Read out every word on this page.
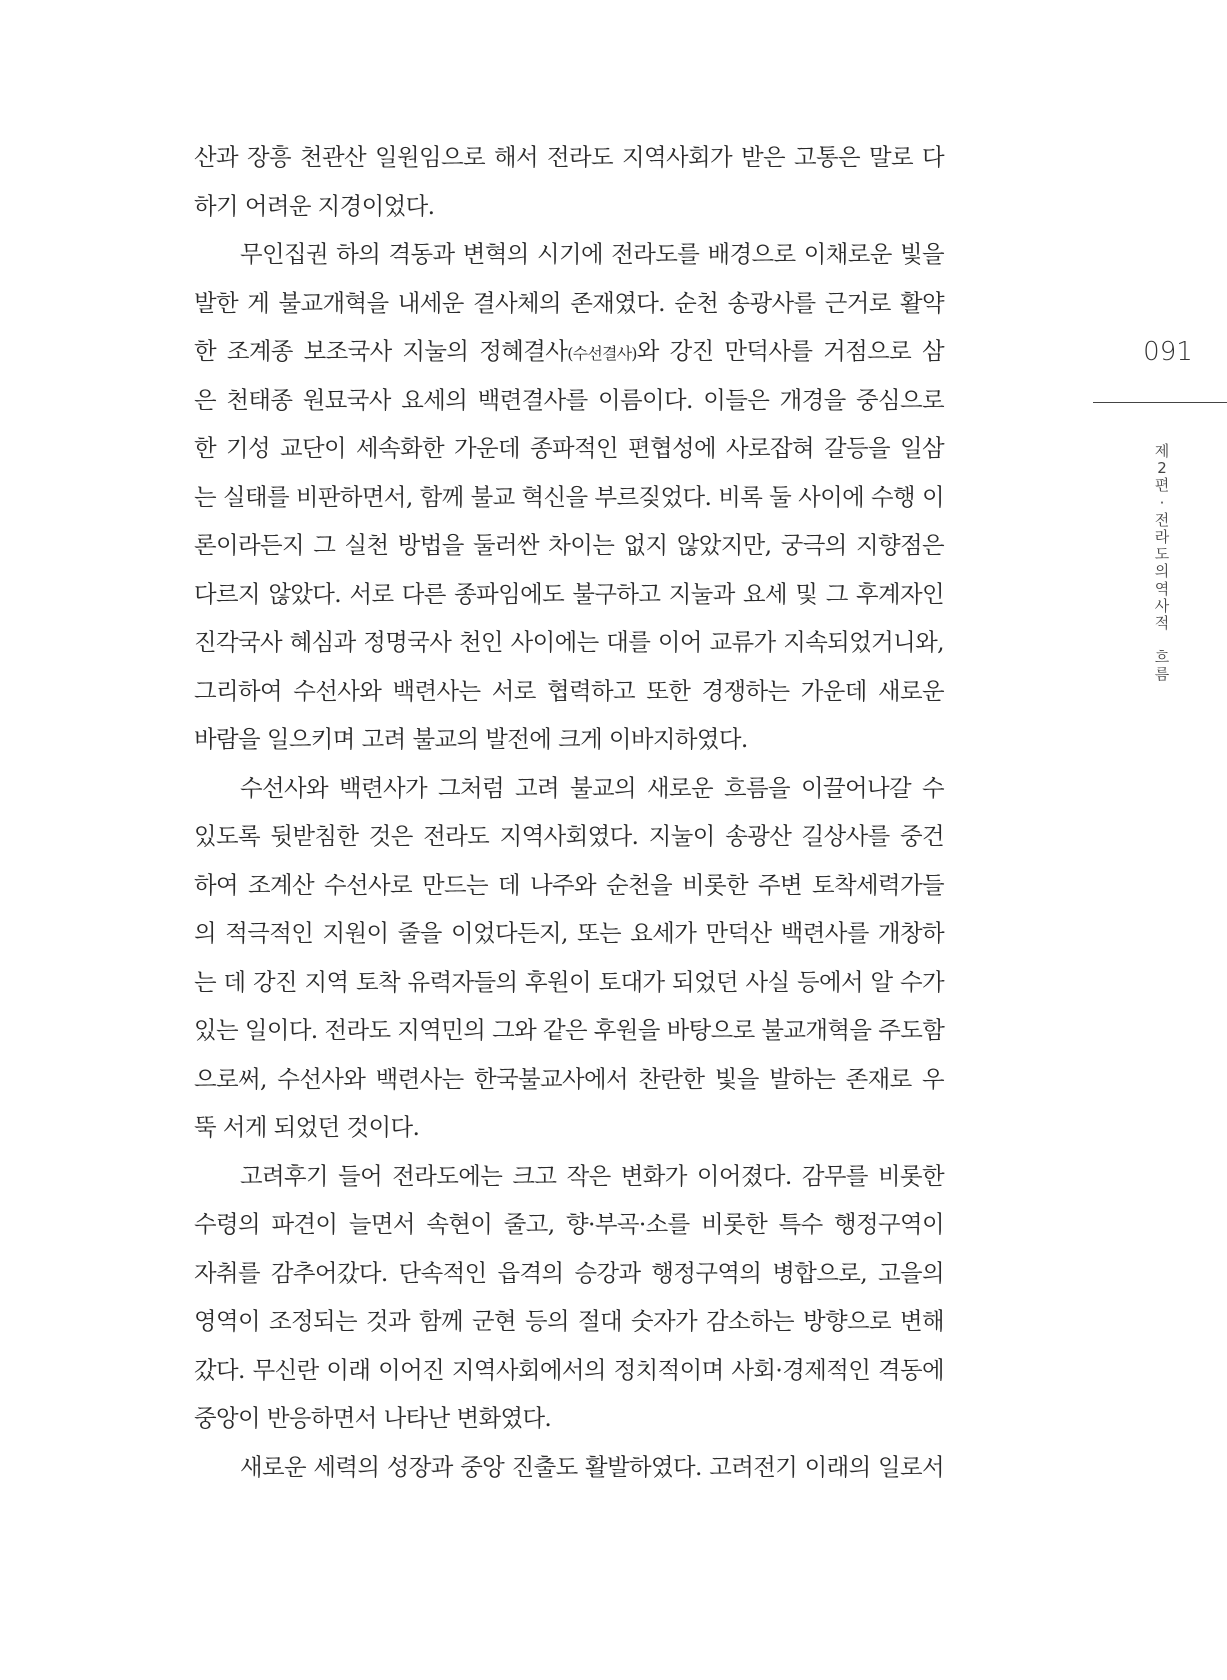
산과 장흥 천관산 일원임으로 해서 전라도 지역사회가 받은 고통은 말로 다
하기 어려운 지경이었다.
무인집권 하의 격동과 변혁의 시기에 전라도를 배경으로 이채로운 빛을
발한 게 불교개혁을 내세운 결사체의 존재였다. 순천 송광사를 근거로 활약
한 조계종 보조국사 지눌의 정혜결사(수선결사)와 강진 만덕사를 거점으로 삼
은 천태종 원묘국사 요세의 백련결사를 이름이다. 이들은 개경을 중심으로
한 기성 교단이 세속화한 가운데 종파적인 편협성에 사로잡혀 갈등을 일삼
는 실태를 비판하면서, 함께 불교 혁신을 부르짖었다. 비록 둘 사이에 수행 이
론이라든지 그 실천 방법을 둘러싼 차이는 없지 않았지만, 궁극의 지향점은
다르지 않았다. 서로 다른 종파임에도 불구하고 지눌과 요세 및 그 후계자인
진각국사 혜심과 정명국사 천인 사이에는 대를 이어 교류가 지속되었거니와,
그리하여 수선사와 백련사는 서로 협력하고 또한 경쟁하는 가운데 새로운
바람을 일으키며 고려 불교의 발전에 크게 이바지하였다.
수선사와 백련사가 그처럼 고려 불교의 새로운 흐름을 이끌어나갈 수
있도록 뒷받침한 것은 전라도 지역사회였다. 지눌이 송광산 길상사를 중건
하여 조계산 수선사로 만드는 데 나주와 순천을 비롯한 주변 토착세력가들
의 적극적인 지원이 줄을 이었다든지, 또는 요세가 만덕산 백련사를 개창하
는 데 강진 지역 토착 유력자들의 후원이 토대가 되었던 사실 등에서 알 수가
있는 일이다. 전라도 지역민의 그와 같은 후원을 바탕으로 불교개혁을 주도함
으로써, 수선사와 백련사는 한국불교사에서 찬란한 빛을 발하는 존재로 우
뚝 서게 되었던 것이다.
고려후기 들어 전라도에는 크고 작은 변화가 이어졌다. 감무를 비롯한
수령의 파견이 늘면서 속현이 줄고, 향·부곡·소를 비롯한 특수 행정구역이
자취를 감추어갔다. 단속적인 읍격의 승강과 행정구역의 병합으로, 고을의
영역이 조정되는 것과 함께 군현 등의 절대 숫자가 감소하는 방향으로 변해
갔다. 무신란 이래 이어진 지역사회에서의 정치적이며 사회·경제적인 격동에
중앙이 반응하면서 나타난 변화였다.
새로운 세력의 성장과 중앙 진출도 활발하였다. 고려전기 이래의 일로서
091
제
2
편
·
전
라
도
의
역
사
적
흐
름
